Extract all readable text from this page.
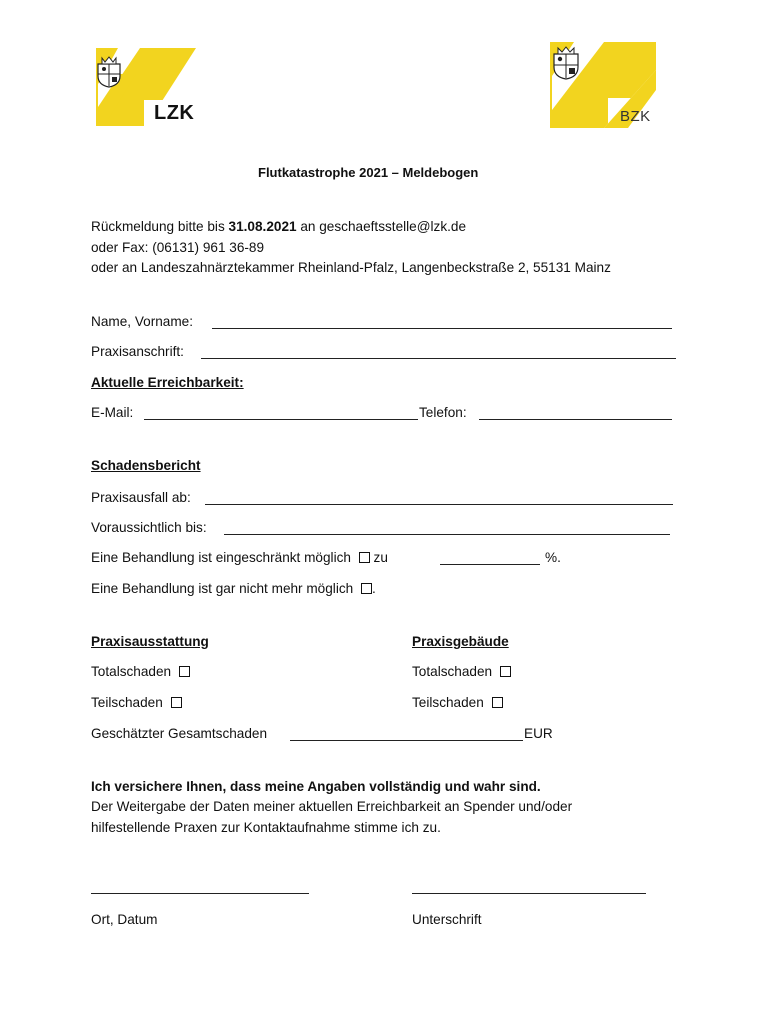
LZK	BZK
Flutkatastrophe 2021 – Meldebogen
Rückmeldung bitte bis 31.08.2021 an geschaeftsstelle@lzk.de
oder Fax: (06131) 961 36-89
oder an Landeszahnärztekammer Rheinland-Pfalz, Langenbeckstraße 2, 55131 Mainz
Name, Vorname:
Praxisanschrift:
Aktuelle Erreichbarkeit:
E-Mail:	Telefon:
Schadensbericht
Praxisausfall ab:
Voraussichtlich bis:
Eine Behandlung ist eingeschränkt möglich zu	%.
Eine Behandlung ist gar nicht mehr möglich .
Praxisausstattung	Praxisgebäude
Totalschaden	Totalschaden
Teilschaden	Teilschaden
Geschätzter Gesamtschaden	EUR
Ich versichere Ihnen, dass meine Angaben vollständig und wahr sind.
Der Weitergabe der Daten meiner aktuellen Erreichbarkeit an Spender und/oder
hilfestellende Praxen zur Kontaktaufnahme stimme ich zu.
Ort, Datum	Unterschrift
